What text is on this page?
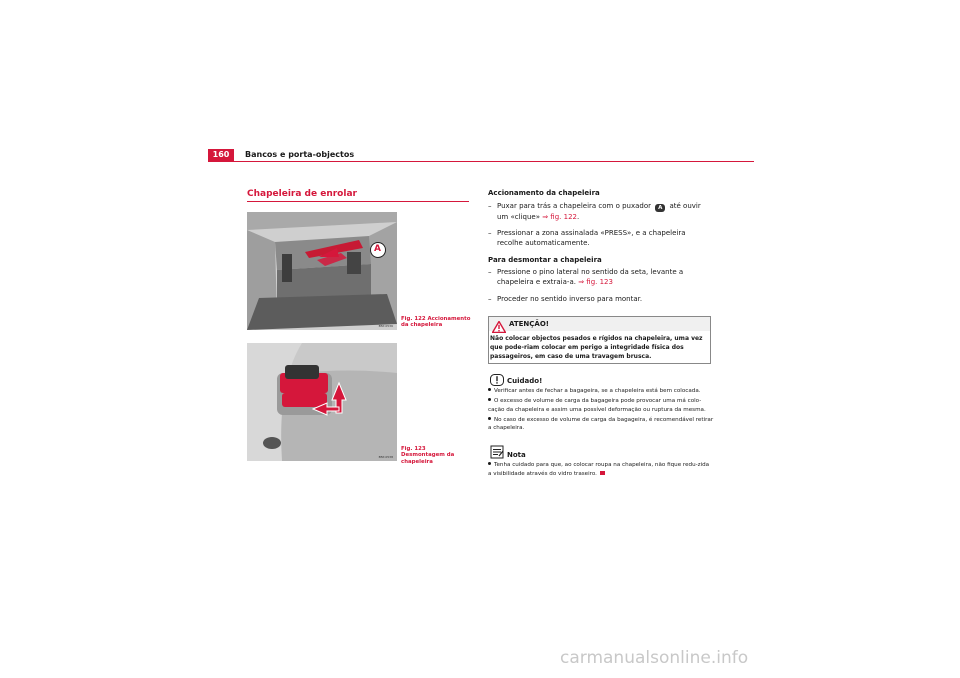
160	Bancos e porta-objectos
Chapeleira de enrolar
A
B5P-0536
Fig. 122 Accionamento da chapeleira
B5P-0538
Fig. 123 Desmontagem da chapeleira
Accionamento da chapeleira
– Puxar para trás a chapeleira com o puxador A até ouvir um «clique» ⇒ fig. 122.
– Pressionar a zona assinalada «PRESS», e a chapeleira recolhe automaticamente.
Para desmontar a chapeleira
– Pressione o pino lateral no sentido da seta, levante a chapeleira e extraia-a. ⇒ fig. 123
– Proceder no sentido inverso para montar.
ATENÇÃO!
Não colocar objectos pesados e rígidos na chapeleira, uma vez que pode-riam colocar em perigo a integridade física dos passageiros, em caso de uma travagem brusca.
Cuidado!
Verificar antes de fechar a bagageira, se a chapeleira está bem colocada.
O excesso de volume de carga da bagageira pode provocar uma má colo-cação da chapeleira e assim uma possível deformação ou ruptura da mesma.
No caso de excesso de volume de carga da bagageira, é recomendável retirar a chapeleira.
Nota
Tenha cuidado para que, ao colocar roupa na chapeleira, não fique redu-zida a visibilidade através do vidro traseiro.
carmanualsonline.info
